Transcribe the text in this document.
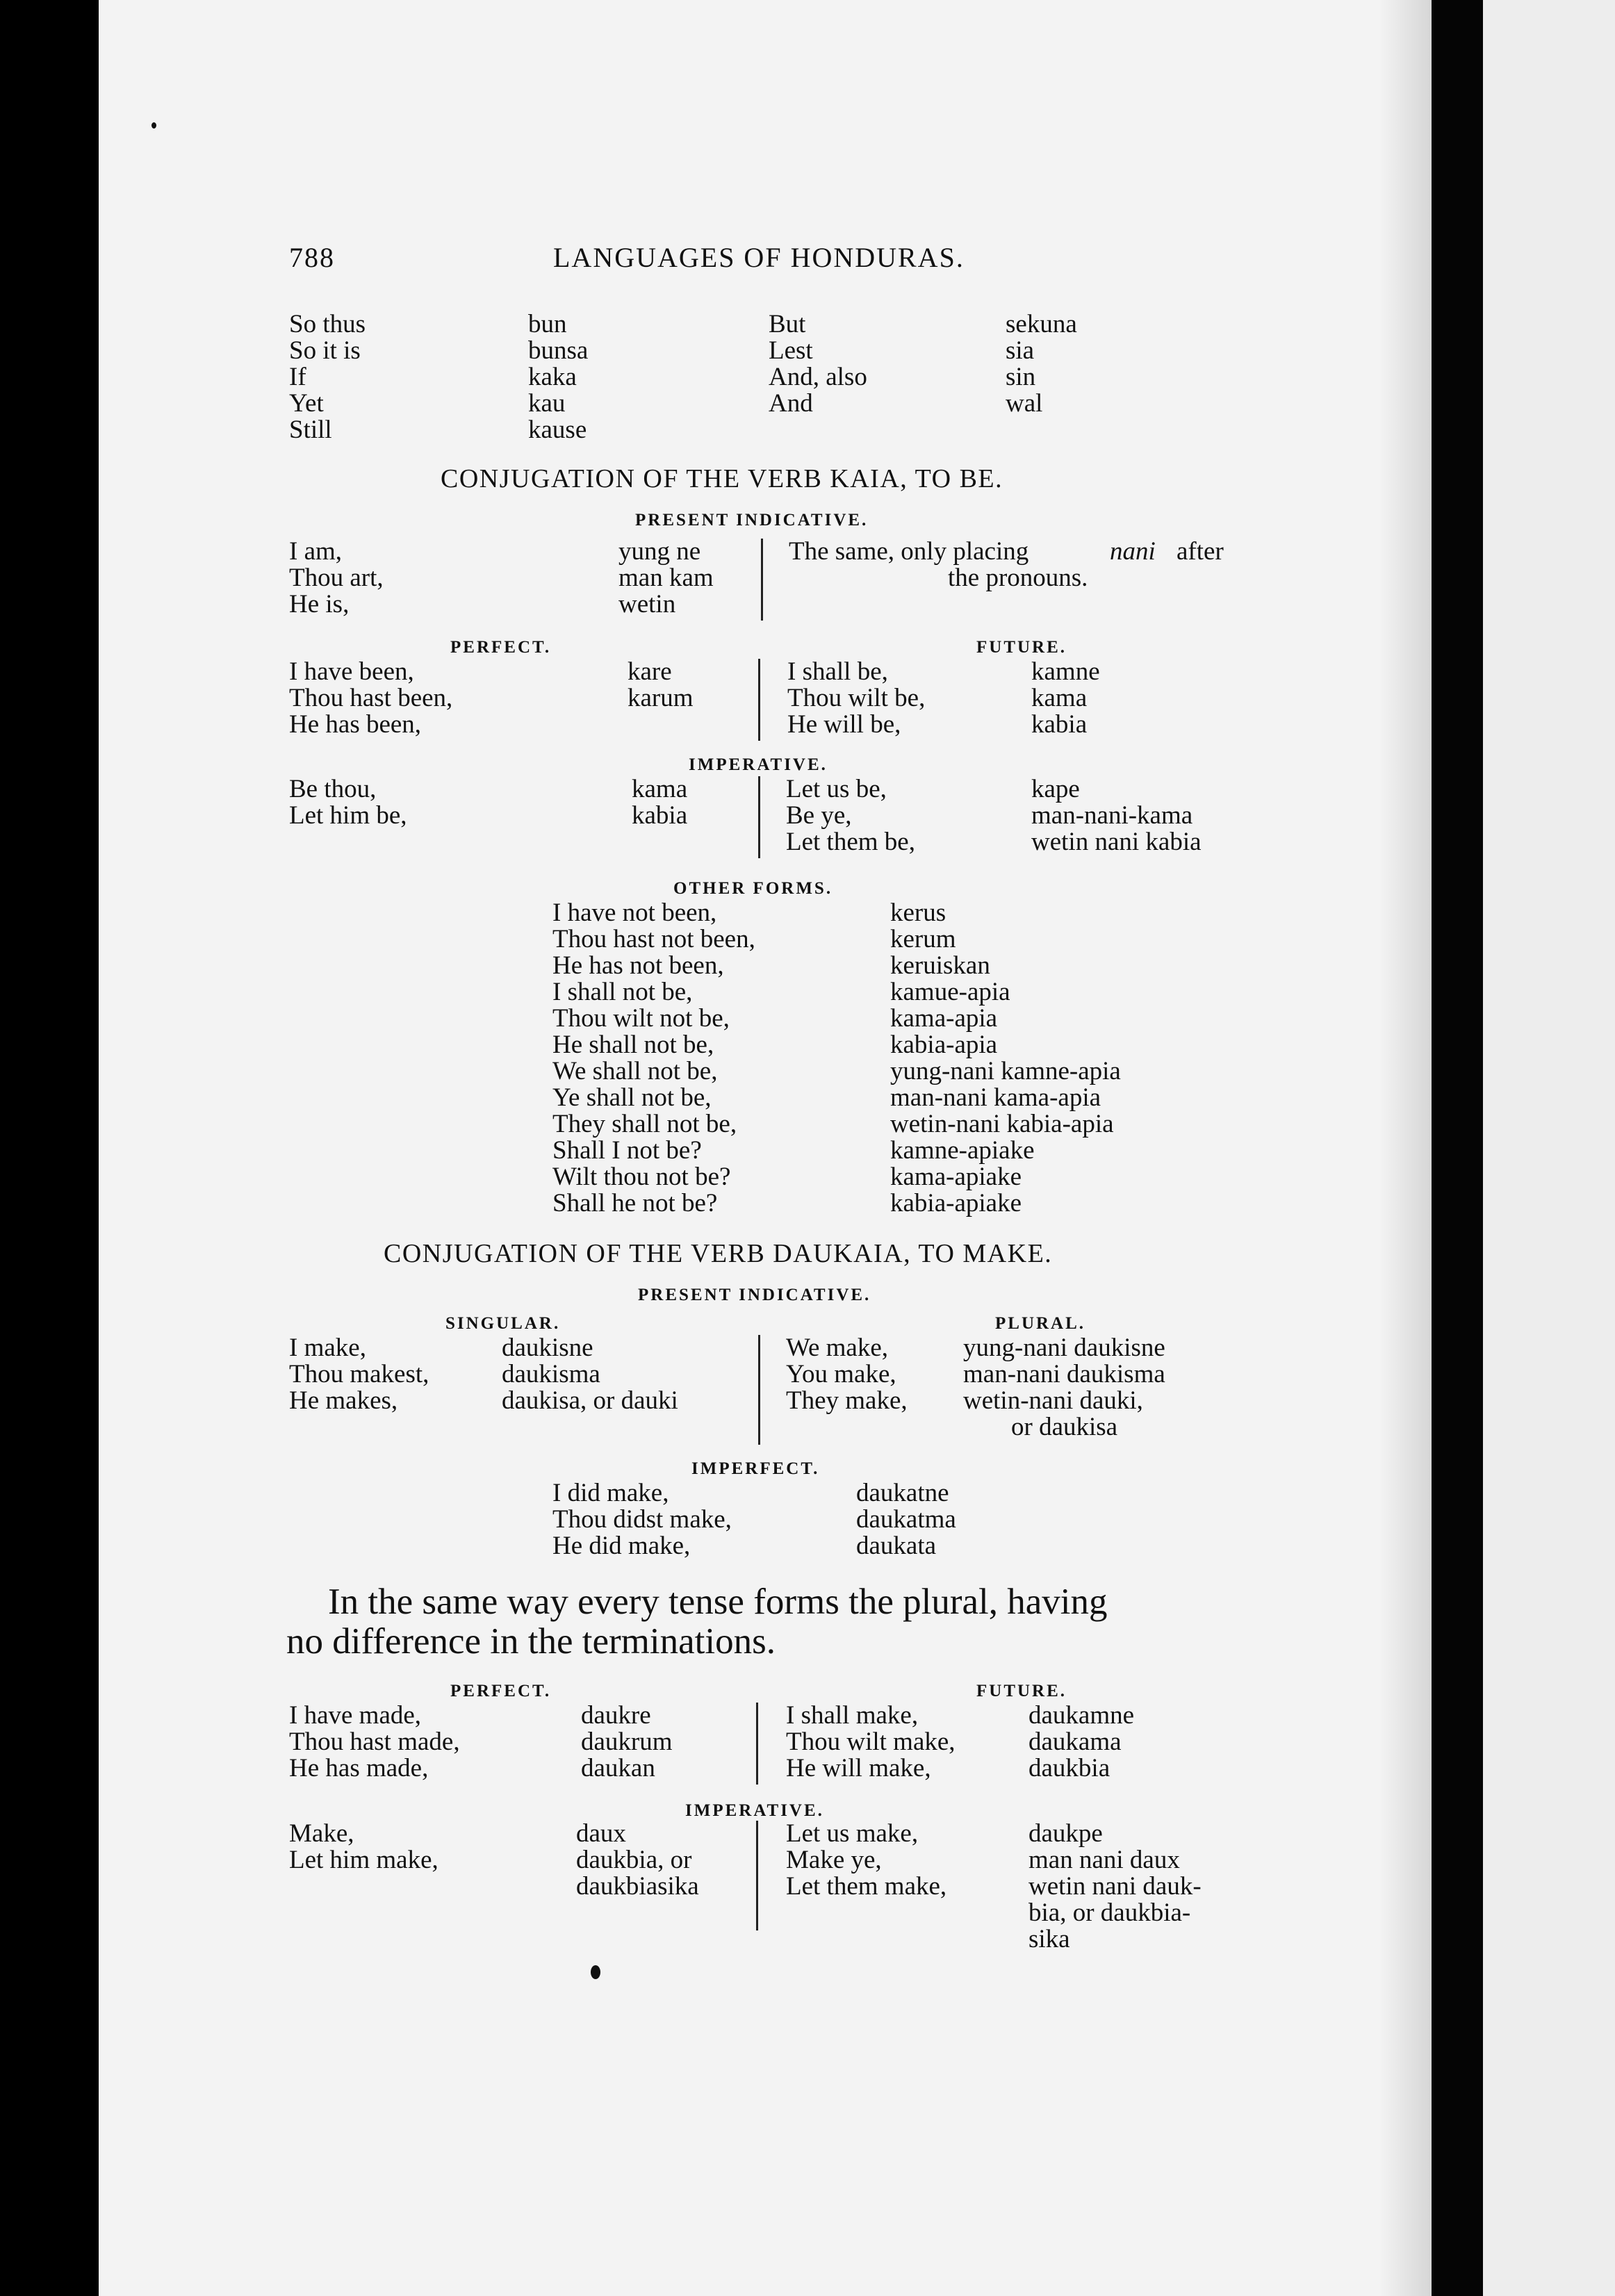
788	LANGUAGES OF HONDURAS.
So thus	bun	But	sekuna
So it is	bunsa	Lest	sia
If	kaka	And, also	sin
Yet	kau	And	wal
Still	kause
CONJUGATION OF THE VERB KAIA, TO BE.
PRESENT INDICATIVE.
I am,	yung ne
Thou art,	man kam
He is,	wetin
The same, only placing	nani after
the pronouns.
PERFECT.	FUTURE.
I have been,	kare
Thou hast been,	karum
He has been,
I shall be,	kamne
Thou wilt be,	kama
He will be,	kabia
IMPERATIVE.
Be thou,	kama
Let him be,	kabia
Let us be,	kape
Be ye,	man-nani-kama
Let them be,	wetin nani kabia
OTHER FORMS.
I have not been,	kerus
Thou hast not been,	kerum
He has not been,	keruiskan
I shall not be,	kamue-apia
Thou wilt not be,	kama-apia
He shall not be,	kabia-apia
We shall not be,	yung-nani kamne-apia
Ye shall not be,	man-nani kama-apia
They shall not be,	wetin-nani kabia-apia
Shall I not be?	kamne-apiake
Wilt thou not be?	kama-apiake
Shall he not be?	kabia-apiake
CONJUGATION OF THE VERB DAUKAIA, TO MAKE.
PRESENT INDICATIVE.
SINGULAR.	PLURAL.
I make,	daukisne
Thou makest,	daukisma
He makes,	daukisa, or dauki
We make,	yung-nani daukisne
You make,	man-nani daukisma
They make, wetin-nani dauki,
or daukisa
IMPERFECT.
I did make,	daukatne
Thou didst make,	daukatma
He did make,	daukata
In the same way every tense forms the plural, having
no difference in the terminations.
PERFECT.	FUTURE.
I have made,	daukre
Thou hast made,	daukrum
He has made,	daukan
I shall make,	daukamne
Thou wilt make,	daukama
He will make,	daukbia
IMPERATIVE.
Make,	daux
Let him make,	daukbia, or
daukbiasika
Let us make,	daukpe
Make ye,	man nani daux
Let them make,	wetin nani dauk-
bia, or daukbia-
sika
